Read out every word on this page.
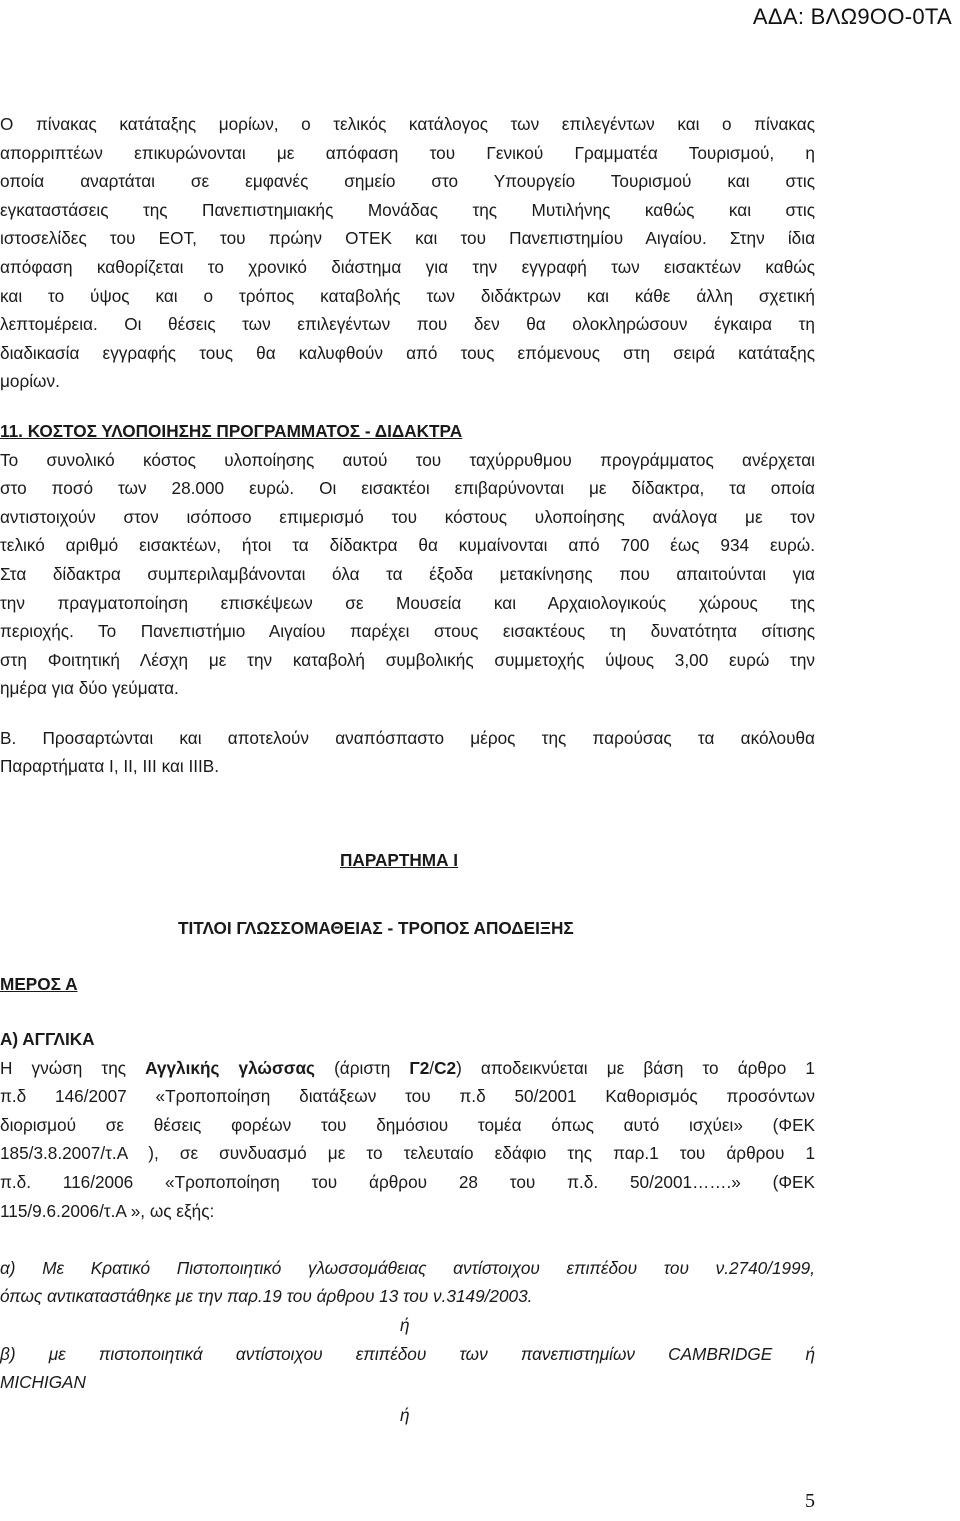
ΑΔΑ: ΒΛΩ9ΟΟ-0ΤΑ
Ο πίνακας κατάταξης μορίων, ο τελικός κατάλογος των επιλεγέντων και ο πίνακας
απορριπτέων επικυρώνονται με απόφαση του Γενικού Γραμματέα Τουρισμού, η
οποία αναρτάται σε εμφανές σημείο στο Υπουργείο Τουρισμού και στις
εγκαταστάσεις της Πανεπιστημιακής Μονάδας της Μυτιλήνης καθώς και στις
ιστοσελίδες του ΕΟΤ, του πρώην ΟΤΕΚ και του Πανεπιστημίου Αιγαίου. Στην ίδια
απόφαση καθορίζεται το χρονικό διάστημα για την εγγραφή των εισακτέων καθώς
και το ύψος και ο τρόπος καταβολής των διδάκτρων και κάθε άλλη σχετική
λεπτομέρεια. Οι θέσεις των επιλεγέντων που δεν θα ολοκληρώσουν έγκαιρα τη
διαδικασία εγγραφής τους θα καλυφθούν από τους επόμενους στη σειρά κατάταξης
μορίων.
11. ΚΟΣΤΟΣ ΥΛΟΠΟΙΗΣΗΣ ΠΡΟΓΡΑΜΜΑΤΟΣ - ΔΙΔΑΚΤΡΑ
Το συνολικό κόστος υλοποίησης αυτού του ταχύρρυθμου προγράμματος ανέρχεται
στο ποσό των 28.000 ευρώ. Οι εισακτέοι επιβαρύνονται με δίδακτρα, τα οποία
αντιστοιχούν στον ισόποσο επιμερισμό του κόστους υλοποίησης ανάλογα με τον
τελικό αριθμό εισακτέων, ήτοι τα δίδακτρα θα κυμαίνονται από 700 έως 934 ευρώ.
Στα δίδακτρα συμπεριλαμβάνονται όλα τα έξοδα μετακίνησης που απαιτούνται για
την πραγματοποίηση επισκέψεων σε Μουσεία και Αρχαιολογικούς χώρους της
περιοχής. Το Πανεπιστήμιο Αιγαίου παρέχει στους εισακτέους τη δυνατότητα σίτισης
στη Φοιτητική Λέσχη με την καταβολή συμβολικής συμμετοχής ύψους 3,00 ευρώ την
ημέρα για δύο γεύματα.
Β. Προσαρτώνται και αποτελούν αναπόσπαστο μέρος της παρούσας τα ακόλουθα
Παραρτήματα Ι, ΙΙ, ΙΙΙ και ΙΙΙΒ.
ΠΑΡΑΡΤΗΜΑ Ι
ΤΙΤΛΟΙ ΓΛΩΣΣΟΜΑΘΕΙΑΣ - ΤΡΟΠΟΣ ΑΠΟΔΕΙΞΗΣ
ΜΕΡΟΣ Α
Α) ΑΓΓΛΙΚΑ
Η γνώση της Αγγλικής γλώσσας (άριστη Γ2/C2) αποδεικνύεται με βάση το άρθρο 1
π.δ 146/2007 «Τροποποίηση διατάξεων του π.δ 50/2001 Καθορισμός προσόντων
διορισμού σε θέσεις φορέων του δημόσιου τομέα όπως αυτό ισχύει» (ΦΕΚ
185/3.8.2007/τ.Α ), σε συνδυασμό με το τελευταίο εδάφιο της παρ.1 του άρθρου 1
π.δ. 116/2006 «Τροποποίηση του άρθρου 28 του π.δ. 50/2001…….» (ΦΕΚ
115/9.6.2006/τ.Α », ως εξής:
α) Με Κρατικό Πιστοποιητικό γλωσσομάθειας αντίστοιχου επιπέδου του ν.2740/1999,
όπως αντικαταστάθηκε με την παρ.19 του άρθρου 13 του ν.3149/2003.
ή
β) με πιστοποιητικά αντίστοιχου επιπέδου των πανεπιστημίων CAMBRIDGE ή
MICHIGAN
ή
5
